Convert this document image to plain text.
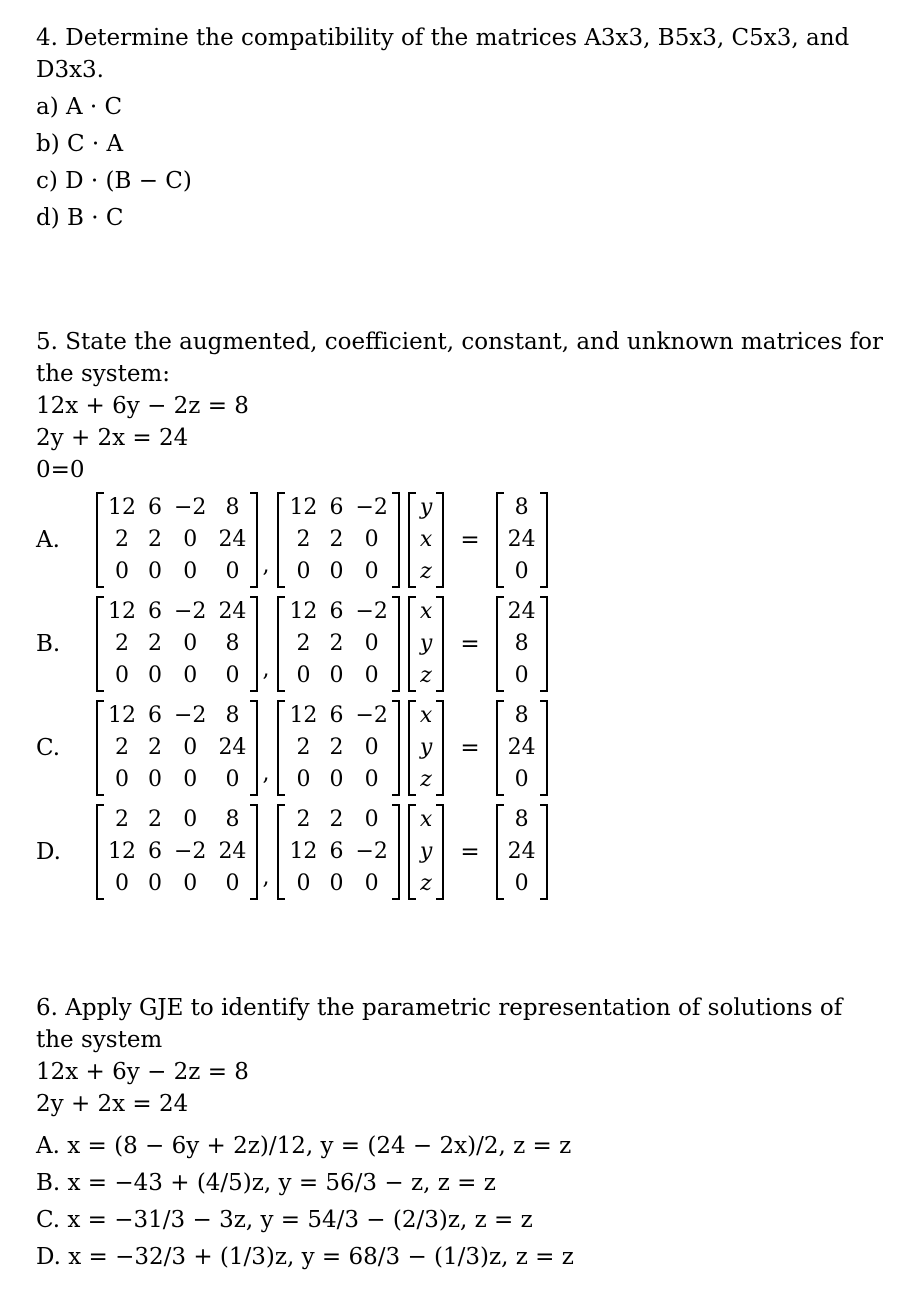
4. Determine the compatibility of the matrices A3x3, B5x3, C5x3, and
D3x3.
a) A · C
b) C · A
c) D · (B − C)
d) B · C
5. State the augmented, coefficient, constant, and unknown matrices for
the system:
12x + 6y − 2z = 8
2y + 2x = 24
0=0
A.
12	6	−2	8
2	2	0	24
0	0	0	0 ,
12	6	−2
2	2	0
0	0	0
y
x
z
=
8
24
0
B.
12	6	−2	24
2	2	0	8
0	0	0	0 ,
12	6	−2
2	2	0
0	0	0
x
y
z
=
24
8
0
C.
12	6	−2	8
2	2	0	24
0	0	0	0 ,
12	6	−2
2	2	0
0	0	0
x
y
z
=
8
24
0
D.
2	2	0	8
12	6	−2	24
0	0	0	0 ,
2	2	0
12	6	−2
0	0	0
x
y
z
=
8
24
0
6. Apply GJE to identify the parametric representation of solutions of
the system
12x + 6y − 2z = 8
2y + 2x = 24
A. x = (8 − 6y + 2z)/12, y = (24 − 2x)/2, z = z
B. x = −43 + (4/5)z, y = 56/3 − z, z = z
C. x = −31/3 − 3z, y = 54/3 − (2/3)z, z = z
D. x = −32/3 + (1/3)z, y = 68/3 − (1/3)z, z = z
